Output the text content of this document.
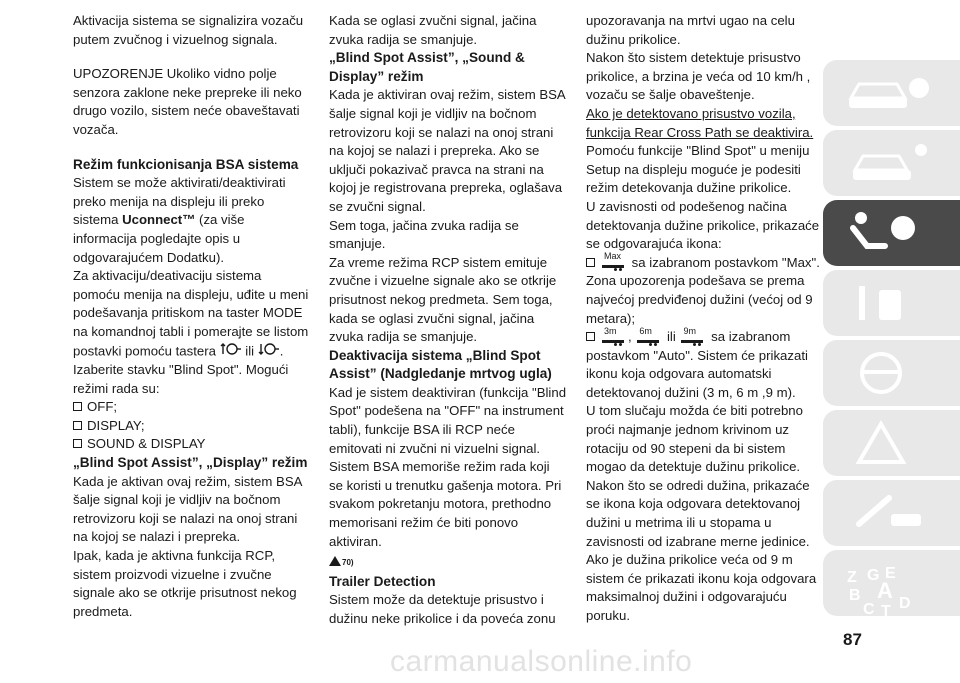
Aktivacija sistema se signalizira vozaču putem zvučnog i vizuelnog signala.

UPOZORENJE Ukoliko vidno polje senzora zaklone neke prepreke ili neko drugo vozilo, sistem neće obaveštavati vozača.

Režim funkcionisanja BSA sistema

Sistem se može aktivirati/deaktivirati preko menija na displeju ili preko sistema Uconnect™ (za više informacija pogledajte opis u odgovarajućem Dodatku).

Za aktivaciju/deativaciju sistema pomoću menija na displeju, uđite u meni podešavanja pritiskom na taster MODE na komandnoj tabli i pomerajte se listom postavki pomoću tastera ili . Izaberite stavku "Blind Spot". Mogući režimi rada su:

OFF;

DISPLAY;

SOUND & DISPLAY

„Blind Spot Assist”, „Display” režim

Kada je aktivan ovaj režim, sistem BSA šalje signal koji je vidljiv na bočnom retrovizoru koji se nalazi na onoj strani na kojoj se nalazi i prepreka.

Ipak, kada je aktivna funkcija RCP, sistem proizvodi vizuelne i zvučne signale ako se otkrije prisutnost nekog predmeta.

Kada se oglasi zvučni signal, jačina zvuka radija se smanjuje.

„Blind Spot Assist”, „Sound & Display” režim

Kada je aktiviran ovaj režim, sistem BSA šalje signal koji je vidljiv na bočnom retrovizoru koji se nalazi na onoj strani na kojoj se nalazi i prepreka. Ako se uključi pokazivač pravca na strani na kojoj je registrovana prepreka, oglašava se zvučni signal.

Sem toga, jačina zvuka radija se smanjuje.

Za vreme režima RCP sistem emituje zvučne i vizuelne signale ako se otkrije prisutnost nekog predmeta. Sem toga, kada se oglasi zvučni signal, jačina zvuka radija se smanjuje.

Deaktivacija sistema „Blind Spot Assist” (Nadgledanje mrtvog ugla)

Kad je sistem deaktiviran (funkcija "Blind Spot" podešena na "OFF" na instrument tabli), funkcije BSA ili RCP neće emitovati ni zvučni ni vizuelni signal.

Sistem BSA memoriše režim rada koji se koristi u trenutku gašenja motora. Pri svakom pokretanju motora, prethodno memorisani režim će biti ponovo aktiviran.

70)

Trailer Detection

Sistem može da detektuje prisustvo i dužinu neke prikolice i da poveća zonu

upozoravanja na mrtvi ugao na celu dužinu prikolice.

Nakon što sistem detektuje prisustvo prikolice, a brzina je veća od 10 km/h , vozaču se šalje obaveštenje.

Ako je detektovano prisustvo vozila, funkcija Rear Cross Path se deaktivira.

Pomoću funkcije "Blind Spot" u meniju Setup na displeju moguće je podesiti režim detekovanja dužine prikolice.

U zavisnosti od podešenog načina detektovanja dužine prikolice, prikazaće se odgovarajuća ikona:

Max sa izabranom postavkom "Max".

Zona upozorenja podešava se prema najvećoj predviđenoj dužini (većoj od 9 metara);

3m , 6m ili 9m sa izabranom

postavkom "Auto". Sistem će prikazati ikonu koja odgovara automatski detektovanoj dužini (3 m, 6 m ,9 m).

U tom slučaju možda će biti potrebno proći najmanje jednom krivinom uz rotaciju od 90 stepeni da bi sistem mogao da detektuje dužinu prikolice.

Nakon što se odredi dužina, prikazaće se ikona koja odgovara detektovanoj dužini u metrima ili u stopama u zavisnosti od izabrane merne jedinice.

Ako je dužina prikolice veća od 9 m sistem će prikazati ikonu koja odgovara maksimalnoj dužini i odgovarajuću poruku.

Z G E
B A
C T D
87
carmanualsonline.info
